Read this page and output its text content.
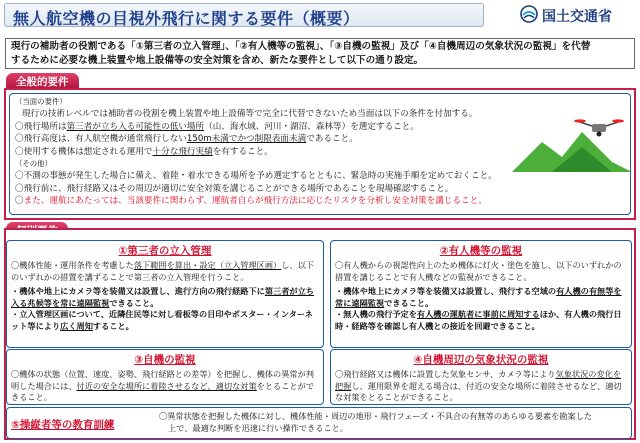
無人航空機の目視外飛行に関する要件（概要）	国土交通省
現行の補助者の役割である「①第三者の立入管理」、「②有人機等の監視」、「③自機の監視」及び「④自機周辺の気象状況の監視」を代替
するために必要な機上装置や地上設備等の安全対策を含め、新たな要件として以下の通り設定。
全般的要件

（当面の要件）

現行の技術レベルでは補助者の役割を機上装置や地上設備等で完全に代替できないため当面は以下の条件を付加する。

〇飛行場所は第三者が立ち入る可能性の低い場所（山、海水域、河川・湖沼、森林等）を選定すること。

〇飛行高度は、有人航空機が通常飛行しない150m未満でかつ制限表面未満であること。

〇使用する機体は想定される運用で十分な飛行実績を有すること。

（その他）

〇不測の事態が発生した場合に備え、着陸・着水できる場所を予め選定するとともに、緊急時の実施手順を定めておくこと。

〇飛行前に、飛行経路又はその周辺が適切に安全対策を講じることができる場所であることを現場確認すること。

〇また、運航にあたっては、当該要件に関わらず、運航者自らが飛行方法に応じたリスクを分析し安全対策を講じること。

①第三者の立入管理

〇機体性能・運用条件を考慮した落下範囲を算出・設定（立入管理区画）し、以下のいずれかの措置を講ずることで第三者の立入管理を行うこと。

・機体や地上にカメラ等を装備又は設置し、進行方向の飛行経路下に第三者が立ち入る兆候等を常に遠隔監視できること。

・立入管理区画について、近隣住民等に対し看板等の目印やポスター・インターネット等により広く周知すること。

②有人機等の監視

〇有人機からの視認性向上のため機体に灯火・塗色を施し、以下のいずれかの措置を講じることで有人機などの監視ができること。

・機体や地上にカメラ等を装備又は設置し、飛行する空域の有人機の有無等を常に遠隔監視できること。

・無人機の飛行予定を有人機の運航者に事前に周知するほか、有人機の飛行日時・経路等を確認し有人機との接近を回避できること。

③自機の監視

〇機体の状態（位置、速度、姿勢、飛行経路との差等）を把握し、機体の異常が判明した場合には、付近の安全な場所に着陸させるなど、適切な対策をとることができること。

④自機周辺の気象状況の監視

〇飛行経路又は機体に設置した気象センサ、カメラ等により気象状況の変化を把握し、運用限界を超える場合は、付近の安全な場所に着陸させるなど、適切な対策をとることができること。

⑤操縦者等の教育訓練
〇異常状態を把握した機体に対し、機体性能・周辺の地形・飛行フェーズ・不具合の有無等のあらゆる要素を勘案した
上で、最適な判断を迅速に行い操作できること。
